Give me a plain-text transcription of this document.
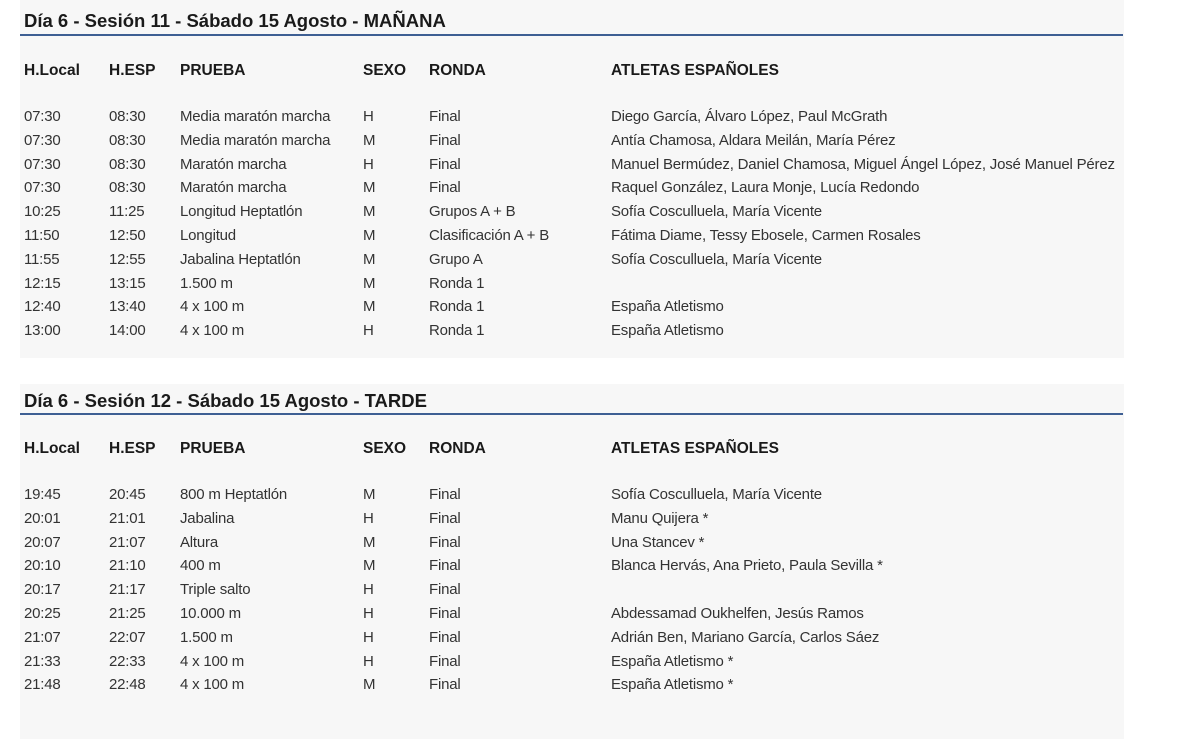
Día 6 - Sesión 11 - Sábado 15 Agosto - MAÑANA
H.Local H.ESP PRUEBA	SEXO RONDA	ATLETAS ESPAÑOLES
07:30	08:30 Media maratón marcha H	Final	Diego García, Álvaro López, Paul McGrath
07:30	08:30 Media maratón marcha M	Final	Antía Chamosa, Aldara Meilán, María Pérez
07:30	08:30 Maratón marcha	H	Final	Manuel Bermúdez, Daniel Chamosa, Miguel Ángel López, José Manuel Pérez
07:30	08:30 Maratón marcha	M	Final	Raquel González, Laura Monje, Lucía Redondo
10:25	11:25 Longitud Heptatlón	M	Grupos A + B	Sofía Cosculluela, María Vicente
11:50	12:50 Longitud	M	Clasificación A + B	Fátima Diame, Tessy Ebosele, Carmen Rosales
11:55	12:55 Jabalina Heptatlón	M	Grupo A	Sofía Cosculluela, María Vicente
12:15	13:15 1.500 m	M	Ronda 1
12:40	13:40 4 x 100 m	M	Ronda 1	España Atletismo
13:00	14:00 4 x 100 m	H	Ronda 1	España Atletismo
Día 6 - Sesión 12 - Sábado 15 Agosto - TARDE
H.Local H.ESP PRUEBA	SEXO RONDA	ATLETAS ESPAÑOLES
19:45	20:45 800 m Heptatlón	M	Final	Sofía Cosculluela, María Vicente
20:01	21:01 Jabalina	H	Final	Manu Quijera *
20:07	21:07 Altura	M	Final	Una Stancev *
20:10	21:10 400 m	M	Final	Blanca Hervás, Ana Prieto, Paula Sevilla *
20:17	21:17 Triple salto	H	Final
20:25	21:25 10.000 m	H	Final	Abdessamad Oukhelfen, Jesús Ramos
21:07	22:07 1.500 m	H	Final	Adrián Ben, Mariano García, Carlos Sáez
21:33	22:33 4 x 100 m	H	Final	España Atletismo *
21:48	22:48 4 x 100 m	M	Final	España Atletismo *
